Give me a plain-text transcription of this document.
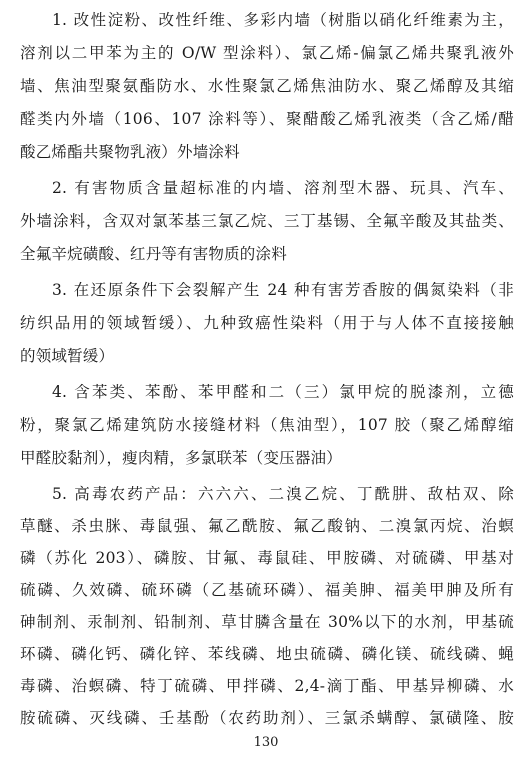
1. 改性淀粉、改性纤维、多彩内墙（树脂以硝化纤维素为主，
溶剂以二甲苯为主的 O/W 型涂料）、氯乙烯-偏氯乙烯共聚乳液外
墙、焦油型聚氨酯防水、水性聚氯乙烯焦油防水、聚乙烯醇及其缩
醛类内外墙（106、107 涂料等）、聚醋酸乙烯乳液类（含乙烯/醋
酸乙烯酯共聚物乳液）外墙涂料
2. 有害物质含量超标准的内墙、溶剂型木器、玩具、汽车、
外墙涂料，含双对氯苯基三氯乙烷、三丁基锡、全氟辛酸及其盐类、
全氟辛烷磺酸、红丹等有害物质的涂料
3. 在还原条件下会裂解产生 24 种有害芳香胺的偶氮染料（非
纺织品用的领域暂缓）、九种致癌性染料（用于与人体不直接接触
的领域暂缓）
4. 含苯类、苯酚、苯甲醛和二（三）氯甲烷的脱漆剂，立德
粉，聚氯乙烯建筑防水接缝材料（焦油型），107 胶（聚乙烯醇缩
甲醛胶黏剂），瘦肉精，多氯联苯（变压器油）
5. 高毒农药产品：六六六、二溴乙烷、丁酰肼、敌枯双、除
草醚、杀虫脒、毒鼠强、氟乙酰胺、氟乙酸钠、二溴氯丙烷、治螟
磷（苏化 203）、磷胺、甘氟、毒鼠硅、甲胺磷、对硫磷、甲基对
硫磷、久效磷、硫环磷（乙基硫环磷）、福美胂、福美甲胂及所有
砷制剂、汞制剂、铅制剂、草甘膦含量在 30%以下的水剂，甲基硫
环磷、磷化钙、磷化锌、苯线磷、地虫硫磷、磷化镁、硫线磷、蝇
毒磷、治螟磷、特丁硫磷、甲拌磷、2,4-滴丁酯、甲基异柳磷、水
胺硫磷、灭线磷、壬基酚（农药助剂）、三氯杀螨醇、氯磺隆、胺
130
